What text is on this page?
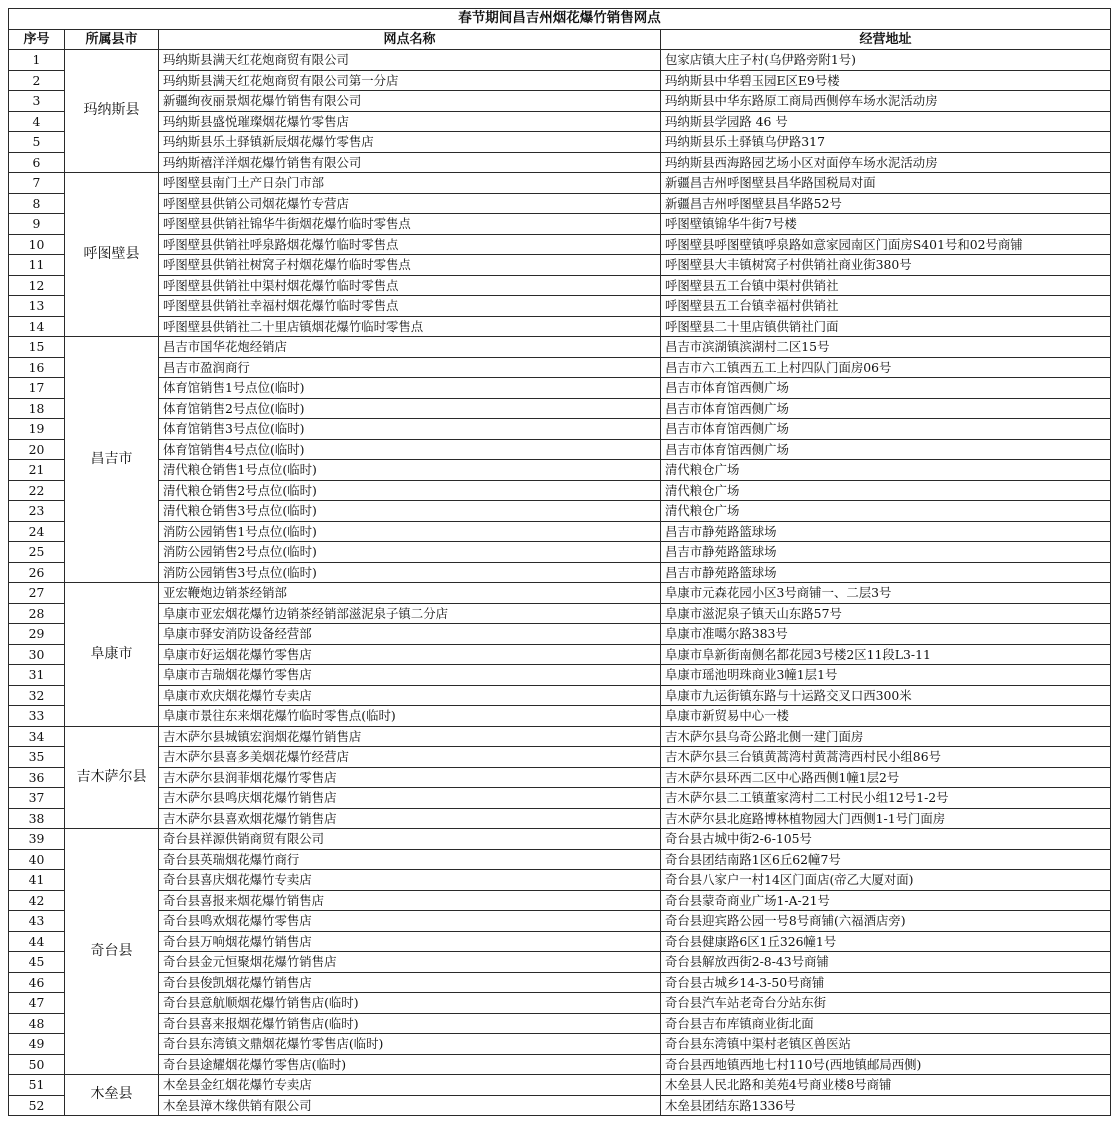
春节期间昌吉州烟花爆竹销售网点			
序号	所属县市	网点名称	经营地址
1	玛纳斯县	玛纳斯县满天红花炮商贸有限公司	包家店镇大庄子村(乌伊路旁附1号)
2		玛纳斯县满天红花炮商贸有限公司第一分店	玛纳斯县中华碧玉园E区E9号楼
3		新疆绚夜丽景烟花爆竹销售有限公司	玛纳斯县中华东路原工商局西侧停车场水泥活动房
4		玛纳斯县盛悦璀璨烟花爆竹零售店	玛纳斯县学园路 46 号
5		玛纳斯县乐土驿镇新辰烟花爆竹零售店	玛纳斯县乐土驿镇乌伊路317
6		玛纳斯禧洋洋烟花爆竹销售有限公司	玛纳斯县西海路园艺场小区对面停车场水泥活动房
7	呼图壁县	呼图壁县南门土产日杂门市部	新疆昌吉州呼图壁县昌华路国税局对面
8		呼图壁县供销公司烟花爆竹专营店	新疆昌吉州呼图壁县昌华路52号
9		呼图壁县供销社锦华牛街烟花爆竹临时零售点	呼图壁镇锦华牛街7号楼
10		呼图壁县供销社呼泉路烟花爆竹临时零售点	呼图壁县呼图壁镇呼泉路如意家园南区门面房S401号和02号商铺
11		呼图壁县供销社树窝子村烟花爆竹临时零售点	呼图壁县大丰镇树窝子村供销社商业街380号
12		呼图壁县供销社中渠村烟花爆竹临时零售点	呼图壁县五工台镇中渠村供销社
13		呼图壁县供销社幸福村烟花爆竹临时零售点	呼图壁县五工台镇幸福村供销社
14		呼图壁县供销社二十里店镇烟花爆竹临时零售点	呼图壁县二十里店镇供销社门面
15	昌吉市	昌吉市国华花炮经销店	昌吉市滨湖镇滨湖村二区15号
16		昌吉市盈润商行	昌吉市六工镇西五工上村四队门面房06号
17		体育馆销售1号点位(临时)	昌吉市体育馆西侧广场
18		体育馆销售2号点位(临时)	昌吉市体育馆西侧广场
19		体育馆销售3号点位(临时)	昌吉市体育馆西侧广场
20		体育馆销售4号点位(临时)	昌吉市体育馆西侧广场
21		清代粮仓销售1号点位(临时)	清代粮仓广场
22		清代粮仓销售2号点位(临时)	清代粮仓广场
23		清代粮仓销售3号点位(临时)	清代粮仓广场
24		消防公园销售1号点位(临时)	昌吉市静苑路篮球场
25		消防公园销售2号点位(临时)	昌吉市静苑路篮球场
26		消防公园销售3号点位(临时)	昌吉市静苑路篮球场
27	阜康市	亚宏鞭炮边销茶经销部	阜康市元森花园小区3号商铺一、二层3号
28		阜康市亚宏烟花爆竹边销茶经销部滋泥泉子镇二分店	阜康市滋泥泉子镇天山东路57号
29		阜康市驿安消防设备经营部	阜康市准噶尔路383号
30		阜康市好运烟花爆竹零售店	阜康市阜新街南侧名都花园3号楼2区11段L3-11
31		阜康市吉瑞烟花爆竹零售店	阜康市瑶池明珠商业3幢1层1号
32		阜康市欢庆烟花爆竹专卖店	阜康市九运街镇东路与十运路交叉口西300米
33		阜康市景往东来烟花爆竹临时零售点(临时)	阜康市新贸易中心一楼
34	吉木萨尔县	吉木萨尔县城镇宏润烟花爆竹销售店	吉木萨尔县乌奇公路北侧一建门面房
35		吉木萨尔县喜多美烟花爆竹经营店	吉木萨尔县三台镇黄蒿湾村黄蒿湾西村民小组86号
36		吉木萨尔县润菲烟花爆竹零售店	吉木萨尔县环西二区中心路西侧1幢1层2号
37		吉木萨尔县鸣庆烟花爆竹销售店	吉木萨尔县二工镇董家湾村二工村民小组12号1-2号
38		吉木萨尔县喜欢烟花爆竹销售店	吉木萨尔县北庭路博林植物园大门西侧1-1号门面房
39	奇台县	奇台县祥源供销商贸有限公司	奇台县古城中街2-6-105号
40		奇台县英瑞烟花爆竹商行	奇台县团结南路1区6丘62幢7号
41		奇台县喜庆烟花爆竹专卖店	奇台县八家户一村14区门面店(帝乙大厦对面)
42		奇台县喜报来烟花爆竹销售店	奇台县蒙奇商业广场1-A-21号
43		奇台县鸣欢烟花爆竹零售店	奇台县迎宾路公园一号8号商铺(六福酒店旁)
44		奇台县万响烟花爆竹销售店	奇台县健康路6区1丘326幢1号
45		奇台县金元恒聚烟花爆竹销售店	奇台县解放西街2-8-43号商铺
46		奇台县俊凯烟花爆竹销售店	奇台县古城乡14-3-50号商铺
47		奇台县意航顺烟花爆竹销售店(临时)	奇台县汽车站老奇台分站东街
48		奇台县喜来报烟花爆竹销售店(临时)	奇台县吉布库镇商业街北面
49		奇台县东湾镇文鼎烟花爆竹零售店(临时)	奇台县东湾镇中渠村老镇区兽医站
50		奇台县途耀烟花爆竹零售店(临时)	奇台县西地镇西地七村110号(西地镇邮局西侧)
51	木垒县	木垒县金红烟花爆竹专卖店	木垒县人民北路和美苑4号商业楼8号商铺
52		木垒县漳木缘供销有限公司	木垒县团结东路1336号
